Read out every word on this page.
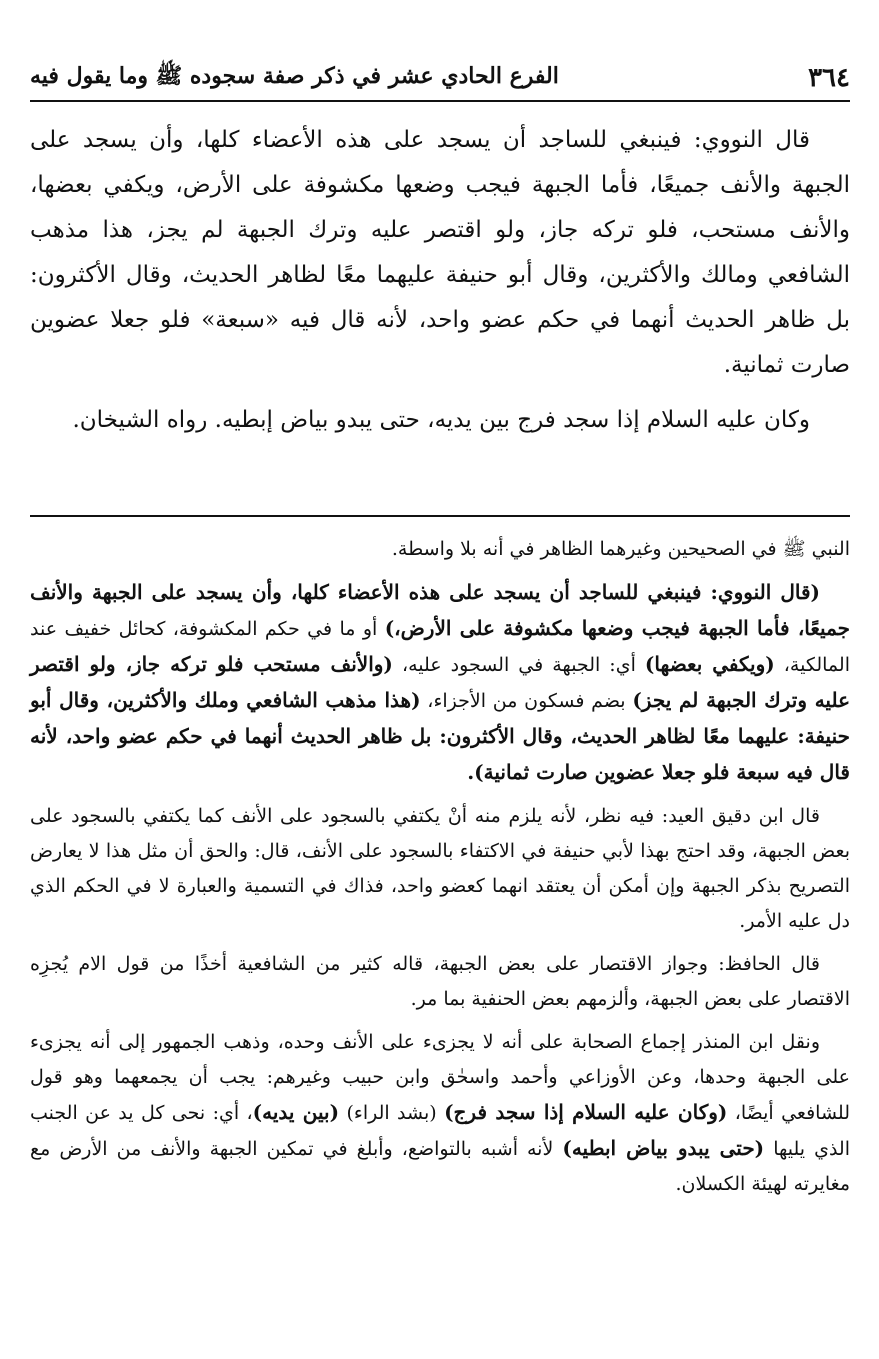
٣٦٤
الفرع الحادي عشر في ذكر صفة سجوده ﷺ وما يقول فيه

قال النووي: فينبغي للساجد أن يسجد على هذه الأعضاء كلها، وأن يسجد على الجبهة والأنف جميعًا، فأما الجبهة فيجب وضعها مكشوفة على الأرض، ويكفي بعضها، والأنف مستحب، فلو تركه جاز، ولو اقتصر عليه وترك الجبهة لم يجز، هذا مذهب الشافعي ومالك والأكثرين، وقال أبو حنيفة عليهما معًا لظاهر الحديث، وقال الأكثرون: بل ظاهر الحديث أنهما في حكم عضو واحد، لأنه قال فيه «سبعة» فلو جعلا عضوين صارت ثمانية.

وكان عليه السلام إذا سجد فرج بين يديه، حتى يبدو بياض إبطيه. رواه الشيخان.

النبي ﷺ في الصحيحين وغيرهما الظاهر في أنه بلا واسطة.

(قال النووي: فينبغي للساجد أن يسجد على هذه الأعضاء كلها، وأن يسجد على الجبهة والأنف جميعًا، فأما الجبهة فيجب وضعها مكشوفة على الأرض،) أو ما في حكم المكشوفة، كحائل خفيف عند المالكية، (ويكفي بعضها) أي: الجبهة في السجود عليه، (والأنف مستحب فلو تركه جاز، ولو اقتصر عليه وترك الجبهة لم يجز) بضم فسكون من الأجزاء، (هذا مذهب الشافعي وملك والأكثرين، وقال أبو حنيفة: عليهما معًا لظاهر الحديث، وقال الأكثرون: بل ظاهر الحديث أنهما في حكم عضو واحد، لأنه قال فيه سبعة فلو جعلا عضوين صارت ثمانية).

قال ابن دقيق العيد: فيه نظر، لأنه يلزم منه أنْ يكتفي بالسجود على الأنف كما يكتفي بالسجود على بعض الجبهة، وقد احتج بهذا لأبي حنيفة في الاكتفاء بالسجود على الأنف، قال: والحق أن مثل هذا لا يعارض التصريح بذكر الجبهة وإن أمكن أن يعتقد انهما كعضو واحد، فذاك في التسمية والعبارة لا في الحكم الذي دل عليه الأمر.

قال الحافظ: وجواز الاقتصار على بعض الجبهة، قاله كثير من الشافعية أخذًا من قول الام يُجزِه الاقتصار على بعض الجبهة، وألزمهم بعض الحنفية بما مر.

ونقل ابن المنذر إجماع الصحابة على أنه لا يجزىء على الأنف وحده، وذهب الجمهور إلى أنه يجزىء على الجبهة وحدها، وعن الأوزاعي وأحمد واسحٰق وابن حبيب وغيرهم: يجب أن يجمعهما وهو قول للشافعي أيضًا، (وكان عليه السلام إذا سجد فرج) (بشد الراء) (بين يديه)، أي: نحى كل يد عن الجنب الذي يليها (حتى يبدو بياض ابطيه) لأنه أشبه بالتواضع، وأبلغ في تمكين الجبهة والأنف من الأرض مع مغايرته لهيئة الكسلان.
